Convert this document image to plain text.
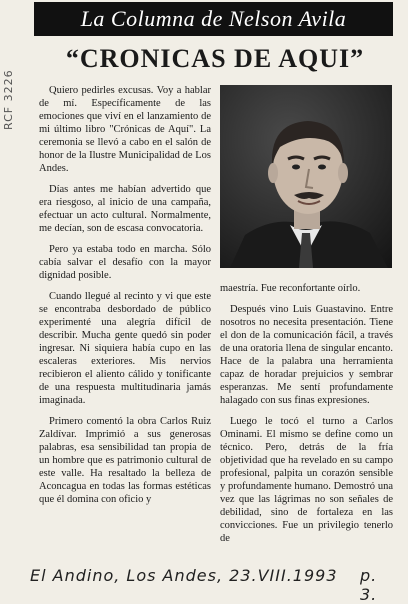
RCF 3226
La Columna de Nelson Avila
“CRONICAS DE AQUI”

Quiero pedirles excusas. Voy a hablar de mí. Específicamente de las emociones que viví en el lanzamiento de mi último libro "Crónicas de Aquí". La ceremonia se llevó a cabo en el salón de honor de la Ilustre Municipalidad de Los Andes.

Días antes me habían advertido que era riesgoso, al inicio de una campaña, efectuar un acto cultural. Normalmente, me decían, son de escasa convocatoria.

Pero ya estaba todo en marcha. Sólo cabía salvar el desafío con la mayor dignidad posible.

Cuando llegué al recinto y vi que este se encontraba desbordado de público experimenté una alegría difícil de describir. Mucha gente quedó sin poder ingresar. Ni siquiera había cupo en las escaleras exteriores. Mis nervios recibieron el aliento cálido y tonificante de una respuesta multitudinaria jamás imaginada.

Primero comentó la obra Carlos Ruiz Zaldívar. Imprimió a sus generosas palabras, esa sensibilidad tan propia de un hombre que es patrimonio cultural de este valle. Ha resaltado la belleza de Aconcagua en todas las formas estéticas que él domina con oficio y

maestría. Fue reconfortante oírlo.

Después vino Luis Guastavino. Entre nosotros no necesita presentación. Tiene el don de la comunicación fácil, a través de una oratoria llena de singular encanto. Hace de la palabra una herramienta capaz de horadar prejuicios y sembrar esperanzas. Me sentí profundamente halagado con sus finas expresiones.

Luego le tocó el turno a Carlos Ominami. El mismo se define como un técnico. Pero, detrás de la fría objetividad que ha revelado en su campo profesional, palpita un corazón sensible y profundamente humano. Demostró una vez que las lágrimas no son señales de debilidad, sino de fortaleza en las convicciones. Fue un privilegio tenerlo de

El Andino, Los Andes, 23.VIII.1993 p. 3.
